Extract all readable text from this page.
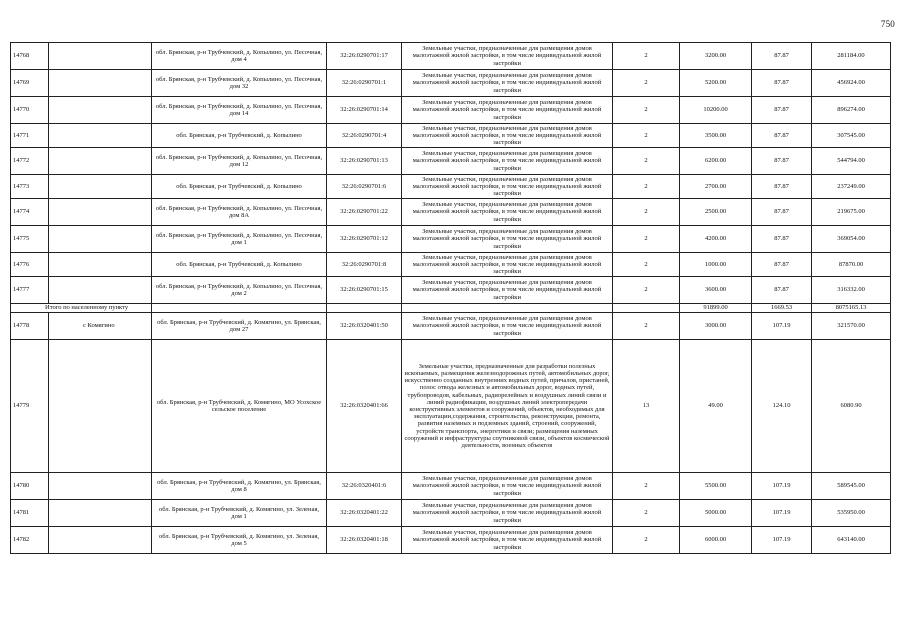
750
14768		обл. Брянская, р-н Трубчевский, д. Копылино, ул. Песочная, дом 4	32:26:0290701:17	Земельные участки, предназначенные для размещения домов малоэтажной жилой застройки, в том числе индивидуальной жилой застройки	2	3200.00	87.87	281184.00
14769		обл. Брянская, р-н Трубчевский, д. Копылино, ул. Песочная, дом 32	32:26:0290701:1	Земельные участки, предназначенные для размещения домов малоэтажной жилой застройки, в том числе индивидуальной жилой застройки	2	5200.00	87.87	456924.00
14770		обл. Брянская, р-н Трубчевский, д. Копылино, ул. Песочная, дом 14	32:26:0290701:14	Земельные участки, предназначенные для размещения домов малоэтажной жилой застройки, в том числе индивидуальной жилой застройки	2	10200.00	87.87	896274.00
14771		обл. Брянская, р-н Трубчевский, д. Копылино	32:26:0290701:4	Земельные участки, предназначенные для размещения домов малоэтажной жилой застройки, в том числе индивидуальной жилой застройки	2	3500.00	87.87	307545.00
14772		обл. Брянская, р-н Трубчевский, д. Копылино, ул. Песочная, дом 12	32:26:0290701:13	Земельные участки, предназначенные для размещения домов малоэтажной жилой застройки, в том числе индивидуальной жилой застройки	2	6200.00	87.87	544794.00
14773		обл. Брянская, р-н Трубчевский, д. Копылино	32:26:0290701:6	Земельные участки, предназначенные для размещения домов малоэтажной жилой застройки, в том числе индивидуальной жилой застройки	2	2700.00	87.87	237249.00
14774		обл. Брянская, р-н Трубчевский, д. Копылино, ул. Песочная, дом 8А	32:26:0290701:22	Земельные участки, предназначенные для размещения домов малоэтажной жилой застройки, в том числе индивидуальной жилой застройки	2	2500.00	87.87	219675.00
14775		обл. Брянская, р-н Трубчевский, д. Копылино, ул. Песочная, дом 1	32:26:0290701:12	Земельные участки, предназначенные для размещения домов малоэтажной жилой застройки, в том числе индивидуальной жилой застройки	2	4200.00	87.87	369054.00
14776		обл. Брянская, р-н Трубчевский, д. Копылино	32:26:0290701:8	Земельные участки, предназначенные для размещения домов малоэтажной жилой застройки, в том числе индивидуальной жилой застройки	2	1000.00	87.87	87870.00
14777		обл. Брянская, р-н Трубчевский, д. Копылино, ул. Песочная, дом 2	32:26:0290701:15	Земельные участки, предназначенные для размещения домов малоэтажной жилой застройки, в том числе индивидуальной жилой застройки	2	3600.00	87.87	316332.00
Итого по населенному пункту						91899.00	1669.53	8075165.13
14778	с Комягино	обл. Брянская, р-н Трубчевский, д. Комягино, ул. Брянская, дом 27	32:26:0320401:50	Земельные участки, предназначенные для размещения домов малоэтажной жилой застройки, в том числе индивидуальной жилой застройки	2	3000.00	107.19	321570.00
14779		обл. Брянская, р-н Трубчевский, д. Комягино, МО Усохское сельское поселение	32:26:0320401:66	Земельные участки, предназначенные для разработки полезных ископаемых, размещения железнодорожных путей, автомобильных дорог, искусственно созданных внутренних водных путей, причалов, пристаней, полос отвода железных и автомобильных дорог, водных путей, трубопроводов, кабельных, радиорелейных и воздушных линий связи и линий радиофикации, воздушных линий электропередачи конструктивных элементов и сооружений, объектов, необходимых для эксплуатации,содержания, строительства, реконструкции, ремонта, развития наземных и подземных зданий, строений, сооружений, устройств транспорта, энергетики и связи; размещения наземных сооружений и инфраструктуры спутниковой связи, объектов космической деятельности, военных объектов	13	49.00	124.10	6080.90
14780		обл. Брянская, р-н Трубчевский, д. Комягино, ул. Брянская, дом 8	32:26:0320401:6	Земельные участки, предназначенные для размещения домов малоэтажной жилой застройки, в том числе индивидуальной жилой застройки	2	5500.00	107.19	589545.00
14781		обл. Брянская, р-н Трубчевский, д. Комягино, ул. Зеленая, дом 1	32:26:0320401:22	Земельные участки, предназначенные для размещения домов малоэтажной жилой застройки, в том числе индивидуальной жилой застройки	2	5000.00	107.19	535950.00
14782		обл. Брянская, р-н Трубчевский, д. Комягино, ул. Зеленая, дом 5	32:26:0320401:18	Земельные участки, предназначенные для размещения домов малоэтажной жилой застройки, в том числе индивидуальной жилой застройки	2	6000.00	107.19	643140.00
